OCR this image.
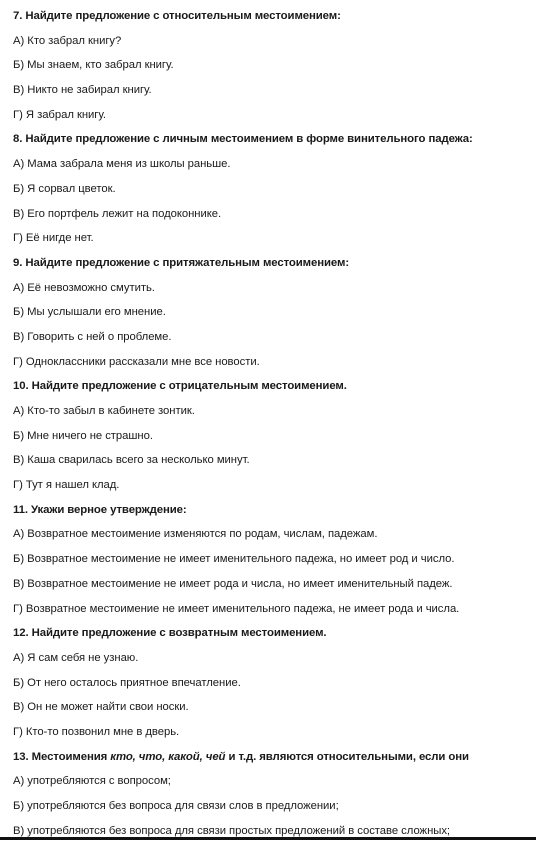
7. Найдите предложение с относительным местоимением:
А) Кто забрал книгу?
Б) Мы знаем, кто забрал книгу.
В) Никто не забирал книгу.
Г) Я забрал книгу.
8. Найдите предложение с личным местоимением в форме винительного падежа:
А) Мама забрала меня из школы раньше.
Б) Я сорвал цветок.
В) Его портфель лежит на подоконнике.
Г) Её нигде нет.
9. Найдите предложение с притяжательным местоимением:
А) Её невозможно смутить.
Б) Мы услышали его мнение.
В) Говорить с ней о проблеме.
Г) Одноклассники рассказали мне все новости.
10. Найдите предложение с отрицательным местоимением.
А) Кто-то забыл в кабинете зонтик.
Б) Мне ничего не страшно.
В) Каша сварилась всего за несколько минут.
Г) Тут я нашел клад.
11. Укажи верное утверждение:
А) Возвратное местоимение изменяются по родам, числам, падежам.
Б) Возвратное местоимение не имеет именительного падежа, но имеет род и число.
В) Возвратное местоимение не имеет рода и числа, но имеет именительный падеж.
Г) Возвратное местоимение не имеет именительного падежа, не имеет рода и числа.
12. Найдите предложение с возвратным местоимением.
А) Я сам себя не узнаю.
Б) От него осталось приятное впечатление.
В) Он не может найти свои носки.
Г) Кто-то позвонил мне в дверь.
13. Местоимения кто, что, какой, чей и т.д. являются относительными, если они
А) употребляются с вопросом;
Б) употребляются без вопроса для связи слов в предложении;
В) употребляются без вопроса для связи простых предложений в составе сложных;
